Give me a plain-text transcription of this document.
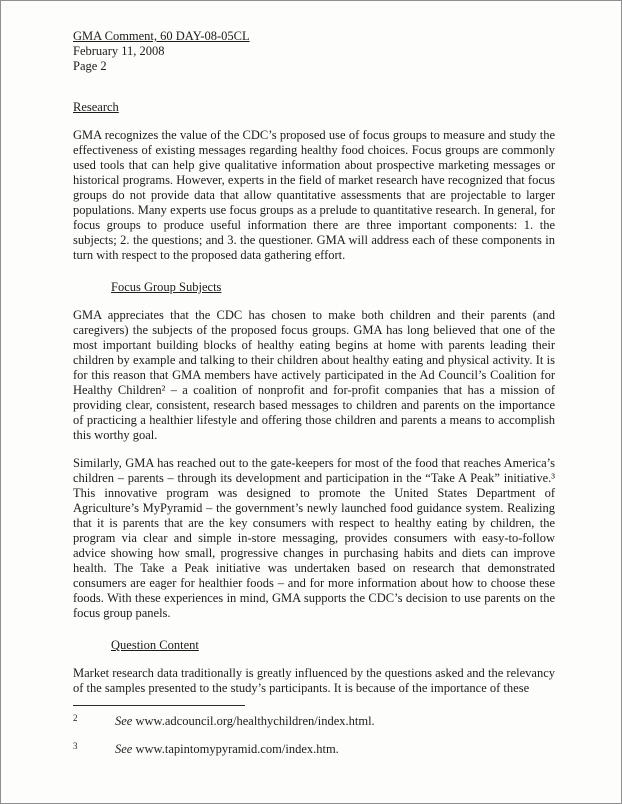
GMA Comment, 60 DAY-08-05CL
February 11, 2008
Page 2
Research

GMA recognizes the value of the CDC’s proposed use of focus groups to measure and study the effectiveness of existing messages regarding healthy food choices. Focus groups are commonly used tools that can help give qualitative information about prospective marketing messages or historical programs. However, experts in the field of market research have recognized that focus groups do not provide data that allow quantitative assessments that are projectable to larger populations. Many experts use focus groups as a prelude to quantitative research. In general, for focus groups to produce useful information there are three important components: 1. the subjects; 2. the questions; and 3. the questioner. GMA will address each of these components in turn with respect to the proposed data gathering effort.

Focus Group Subjects

GMA appreciates that the CDC has chosen to make both children and their parents (and caregivers) the subjects of the proposed focus groups. GMA has long believed that one of the most important building blocks of healthy eating begins at home with parents leading their children by example and talking to their children about healthy eating and physical activity. It is for this reason that GMA members have actively participated in the Ad Council’s Coalition for Healthy Children² – a coalition of nonprofit and for-profit companies that has a mission of providing clear, consistent, research based messages to children and parents on the importance of practicing a healthier lifestyle and offering those children and parents a means to accomplish this worthy goal.

Similarly, GMA has reached out to the gate-keepers for most of the food that reaches America’s children – parents – through its development and participation in the “Take A Peak” initiative.³ This innovative program was designed to promote the United States Department of Agriculture’s MyPyramid – the government’s newly launched food guidance system. Realizing that it is parents that are the key consumers with respect to healthy eating by children, the program via clear and simple in-store messaging, provides consumers with easy-to-follow advice showing how small, progressive changes in purchasing habits and diets can improve health. The Take a Peak initiative was undertaken based on research that demonstrated consumers are eager for healthier foods – and for more information about how to choose these foods. With these experiences in mind, GMA supports the CDC’s decision to use parents on the focus group panels.

Question Content

Market research data traditionally is greatly influenced by the questions asked and the relevancy of the samples presented to the study’s participants. It is because of the importance of these

2	See www.adcouncil.org/healthychildren/index.html.
3	See www.tapintomypyramid.com/index.htm.
